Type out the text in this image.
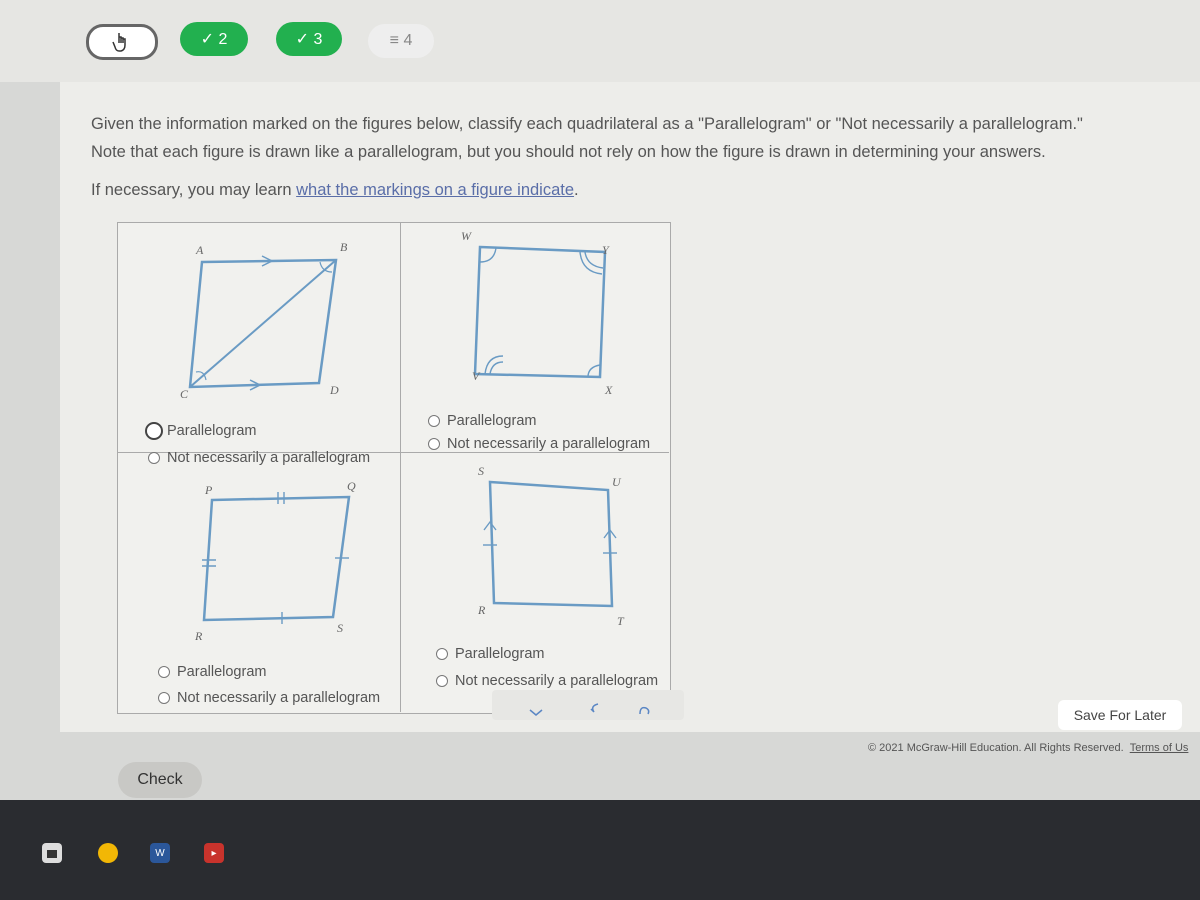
✓ 2	✓ 3	≡ 4
Given the information marked on the figures below, classify each quadrilateral as a "Parallelogram" or "Not necessarily a parallelogram."
Note that each figure is drawn like a parallelogram, but you should not rely on how the figure is drawn in determining your answers.
If necessary, you may learn what the markings on a figure indicate.
A	B
C	D
W
Y
V
X
P	Q
R
S
S
U
R
T
Parallelogram
Not necessarily a parallelogram
Parallelogram
Not necessarily a parallelogram
Parallelogram
Not necessarily a parallelogram
Parallelogram
Not necessarily a parallelogram
Check
Save For Later
© 2021 McGraw-Hill Education. All Rights Reserved. Terms of Us
W	▸
